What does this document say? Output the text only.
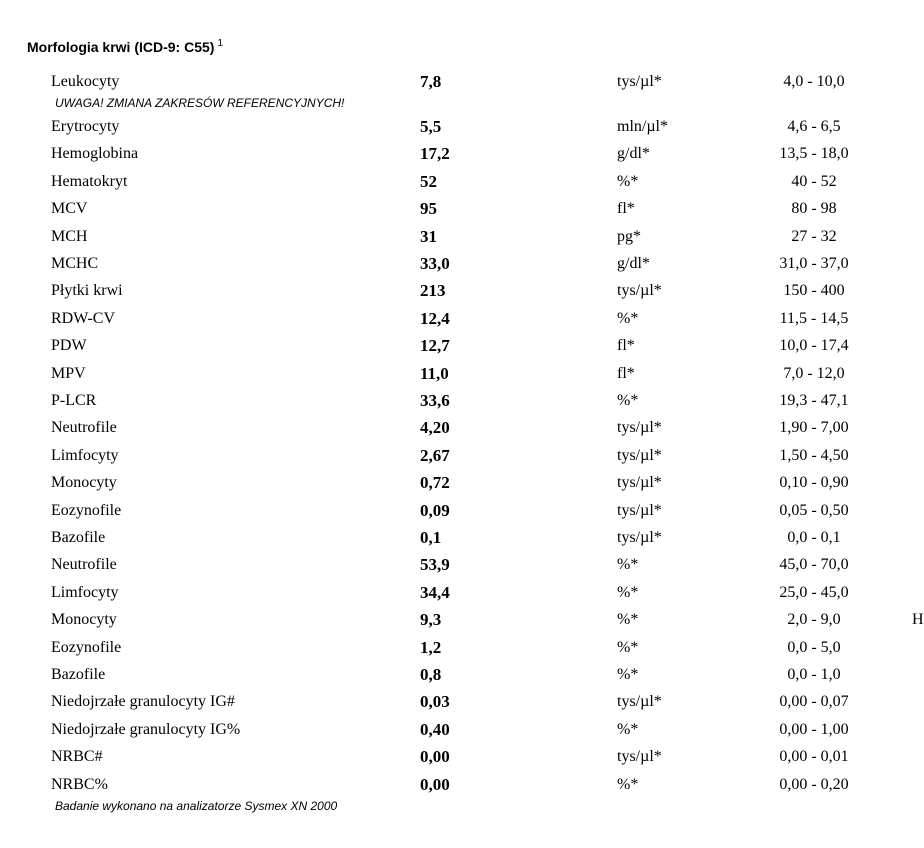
Morfologia krwi (ICD-9: C55) $^1$
Leukocyty	7,8	tys/µl*	4,0 - 10,0
Erytrocyty	5,5	mln/µl*	4,6 - 6,5
Hemoglobina	17,2	g/dl*	13,5 - 18,0
Hematokryt	52	%*	40 - 52
MCV	95	fl*	80 - 98
MCH	31	pg*	27 - 32
MCHC	33,0	g/dl*	31,0 - 37,0
Płytki krwi	213	tys/µl*	150 - 400
RDW-CV	12,4	%*	11,5 - 14,5
PDW	12,7	fl*	10,0 - 17,4
MPV	11,0	fl*	7,0 - 12,0
P-LCR	33,6	%*	19,3 - 47,1
Neutrofile	4,20	tys/µl*	1,90 - 7,00
Limfocyty	2,67	tys/µl*	1,50 - 4,50
Monocyty	0,72	tys/µl*	0,10 - 0,90
Eozynofile	0,09	tys/µl*	0,05 - 0,50
Bazofile	0,1	tys/µl*	0,0 - 0,1
Neutrofile	53,9	%*	45,0 - 70,0
Limfocyty	34,4	%*	25,0 - 45,0
Monocyty	9,3	%*	2,0 - 9,0	H
Eozynofile	1,2	%*	0,0 - 5,0
Bazofile	0,8	%*	0,0 - 1,0
Niedojrzałe granulocyty IG#	0,03	tys/µl*	0,00 - 0,07
Niedojrzałe granulocyty IG%	0,40	%*	0,00 - 1,00
NRBC#	0,00	tys/µl*	0,00 - 0,01
NRBC%	0,00	%*	0,00 - 0,20
UWAGA! ZMIANA ZAKRESÓW REFERENCYJNYCH!
Badanie wykonano na analizatorze Sysmex XN 2000
